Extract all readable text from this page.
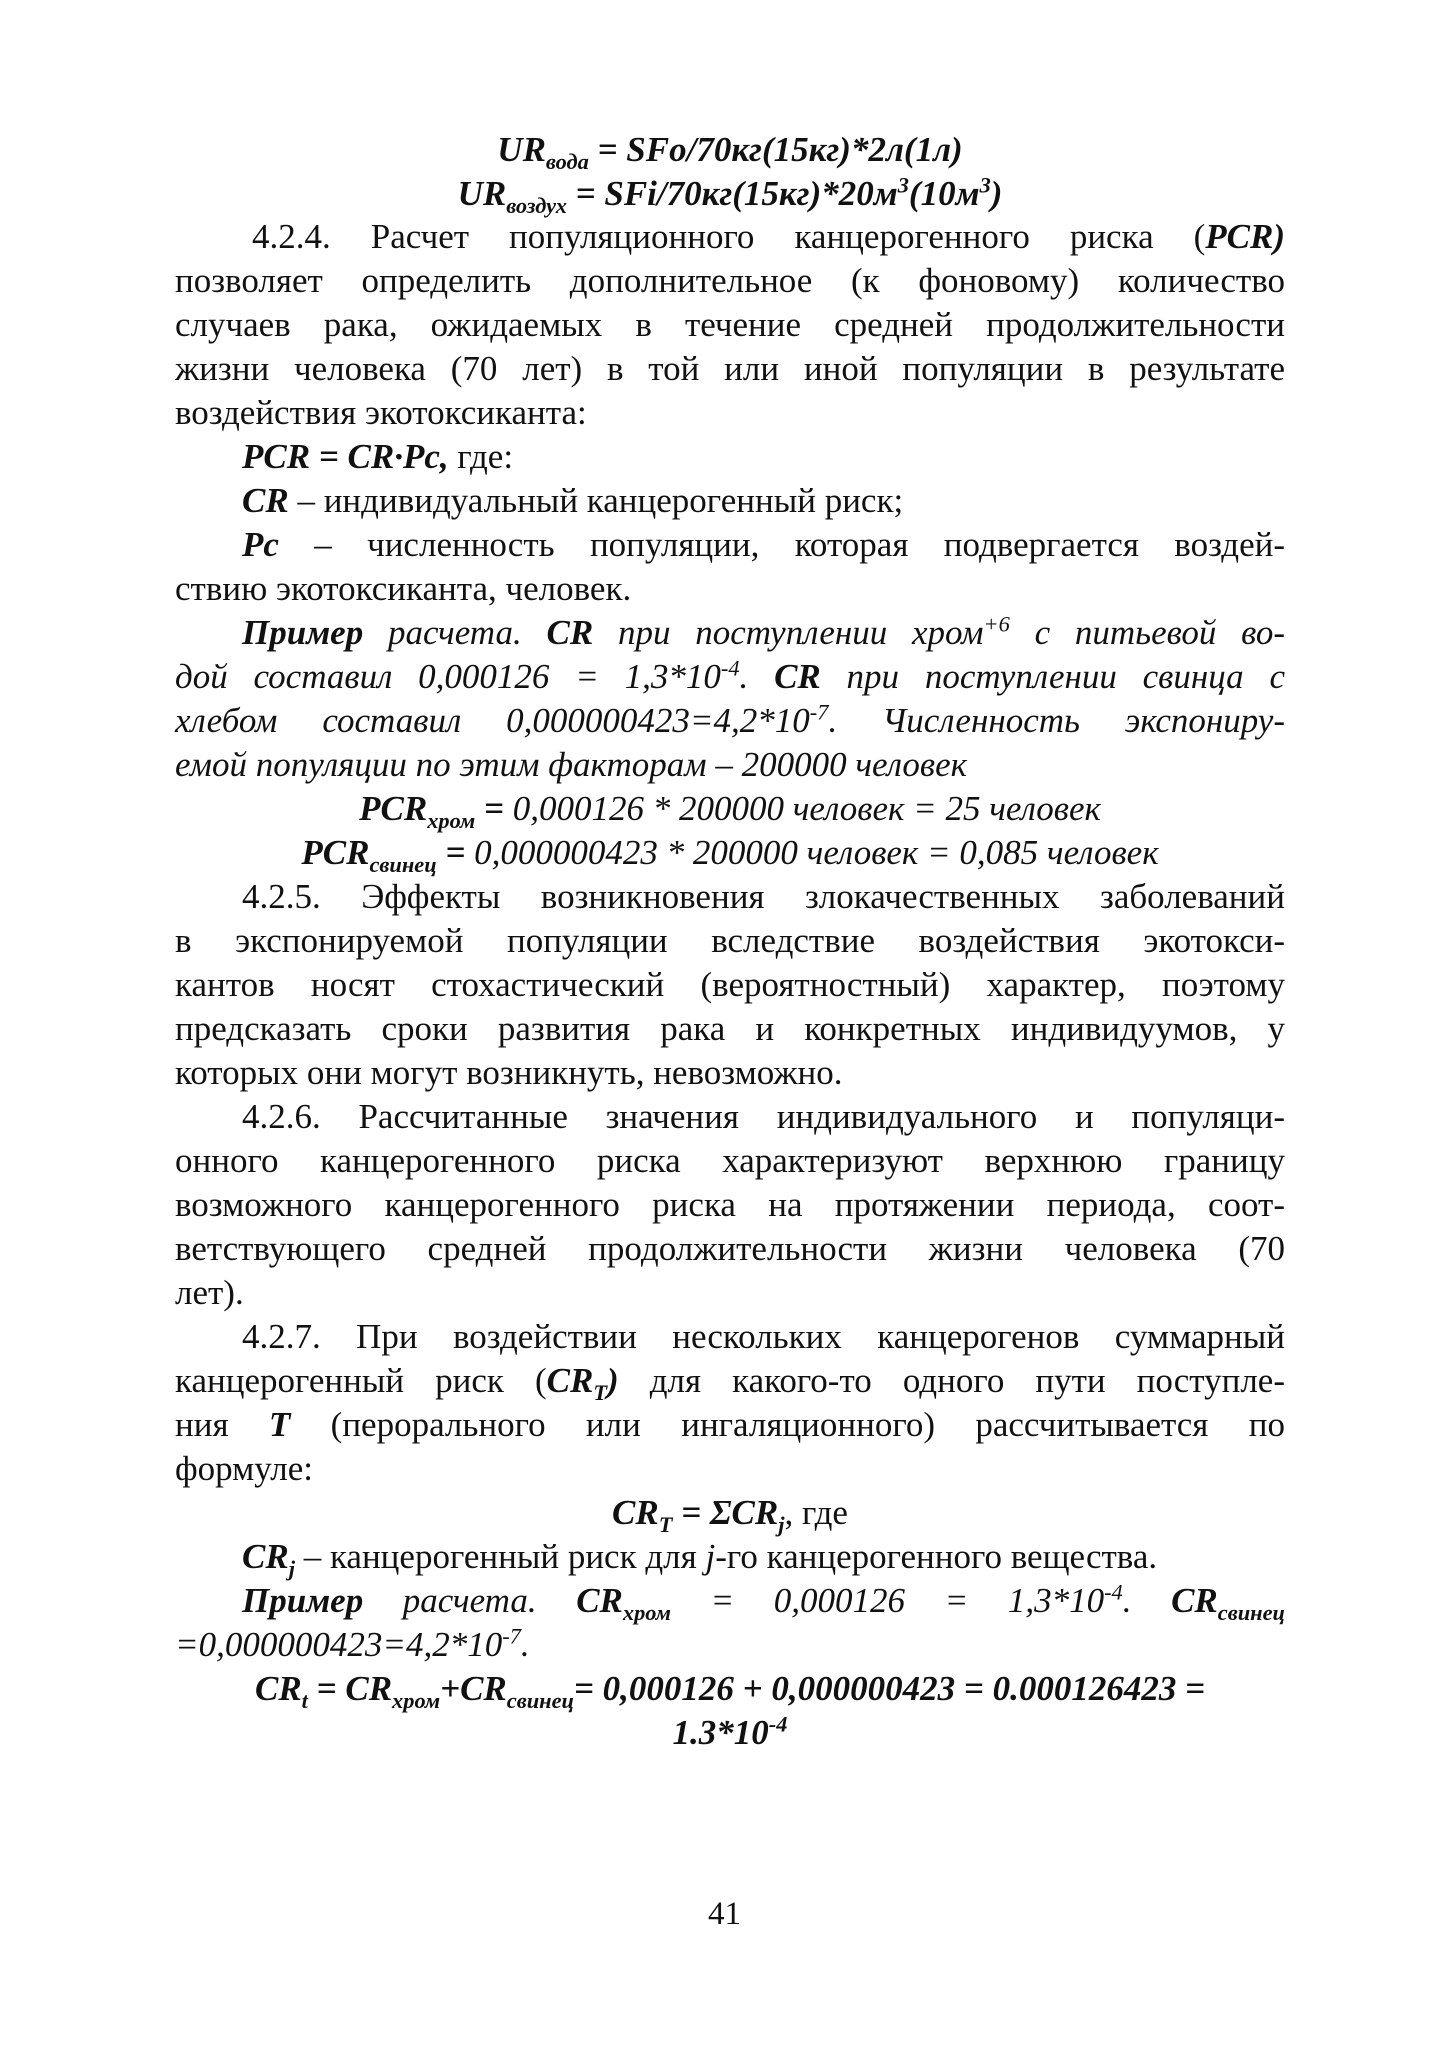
$UR_{вода} = SFo/70кг(15кг)*2л(1л)$
$UR_{воздух} = SFi/70кг(15кг)*20м^3(10м^3)$
4.2.4. Расчет популяционного канцерогенного риска (PCR)
позволяет определить дополнительное (к фоновому) количество
случаев рака, ожидаемых в течение средней продолжительности
жизни человека (70 лет) в той или иной популяции в результате
воздействия экотоксиканта:
PCR = CR·Pc, где:
CR – индивидуальный канцерогенный риск;
Pc – численность популяции, которая подвергается воздей-
ствию экотоксиканта, человек.
Пример расчета. CR при поступлении хром$^{+6}$ с питьевой во-
дой составил $0,000126 = 1,3*10^{-4}$. CR при поступлении свинца с
хлебом составил $0,000000423=4,2*10^{-7}$. Численность экспониру-
емой популяции по этим факторам – 200000 человек
$PCR_{хром} = 0,000126 * 200000$ человек = 25 человек
$PCR_{свинец} = 0,000000423 * 200000$ человек = 0,085 человек
4.2.5. Эффекты возникновения злокачественных заболеваний
в экспонируемой популяции вследствие воздействия экотокси-
кантов носят стохастический (вероятностный) характер, поэтому
предсказать сроки развития рака и конкретных индивидуумов, у
которых они могут возникнуть, невозможно.
4.2.6. Рассчитанные значения индивидуального и популяци-
онного канцерогенного риска характеризуют верхнюю границу
возможного канцерогенного риска на протяжении периода, соот-
ветствующего средней продолжительности жизни человека (70
лет).
4.2.7. При воздействии нескольких канцерогенов суммарный
канцерогенный риск $(CR_T)$ для какого-то одного пути поступле-
ния T (перорального или ингаляционного) рассчитывается по
формуле:
$CR_T = \Sigma CR_j$, где
$CR_j$ – канцерогенный риск для j-го канцерогенного вещества.
Пример расчета. $CR_{хром} = 0,000126 = 1,3*10^{-4}$. $CR_{свинец}$
$=0,000000423=4,2*10^{-7}$.
$CR_t = CR_{хром}+CR_{свинец}= 0,000126 + 0,000000423 = 0.000126423$ =
$1.3*10^{-4}$
41
